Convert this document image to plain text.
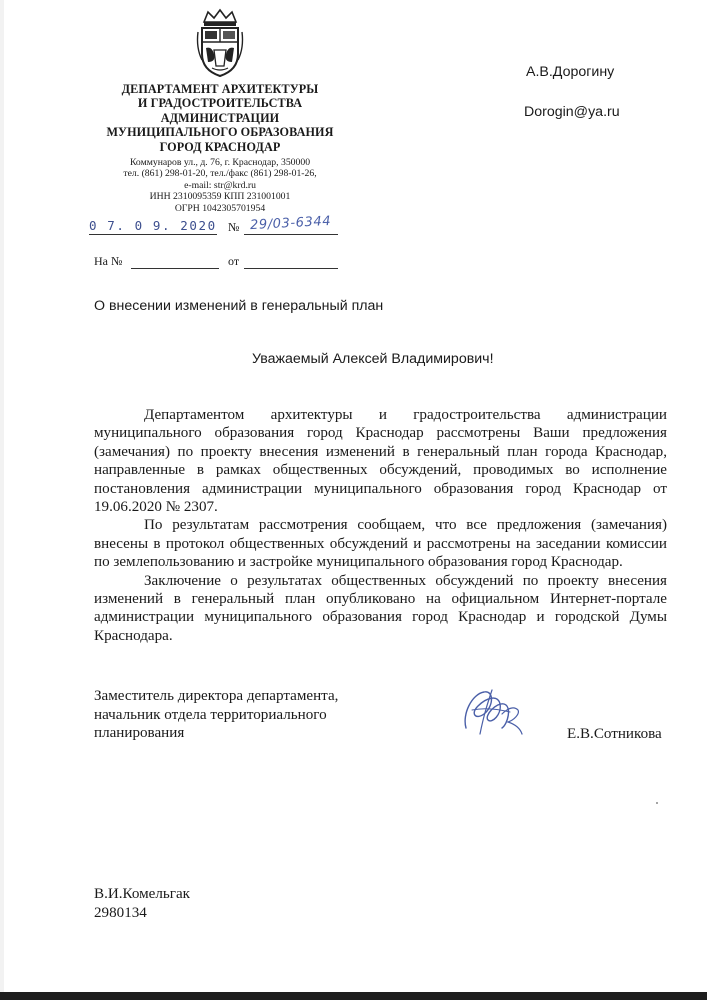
ДЕПАРТАМЕНТ АРХИТЕКТУРЫ
И ГРАДОСТРОИТЕЛЬСТВА
АДМИНИСТРАЦИИ
МУНИЦИПАЛЬНОГО ОБРАЗОВАНИЯ
ГОРОД КРАСНОДАР
Коммунаров ул., д. 76, г. Краснодар, 350000
тел. (861) 298-01-20, тел./факс (861) 298-01-26,
e-mail: str@krd.ru
ИНН 2310095359 КПП 231001001
ОГРН 1042305701954
0 7. 0 9. 2020 № 29/03-6344
На №	от
А.В.Дорогину
Dorogin@ya.ru
О внесении изменений в генеральный план
Уважаемый Алексей Владимирович!

Департаментом архитектуры и градостроительства администрации муниципального образования город Краснодар рассмотрены Ваши предложения (замечания) по проекту внесения изменений в генеральный план города Краснодар, направленные в рамках общественных обсуждений, проводимых во исполнение постановления администрации муниципального образования город Краснодар от 19.06.2020 № 2307.

По результатам рассмотрения сообщаем, что все предложения (замечания) внесены в протокол общественных обсуждений и рассмотрены на заседании комиссии по землепользованию и застройке муниципального образования город Краснодар.

Заключение о результатах общественных обсуждений по проекту внесения изменений в генеральный план опубликовано на официальном Интернет-портале администрации муниципального образования город Краснодар и городской Думы Краснодара.

Заместитель директора департамента,
начальник отдела территориального
планирования	Е.В.Сотникова
В.И.Комельгак
2980134
